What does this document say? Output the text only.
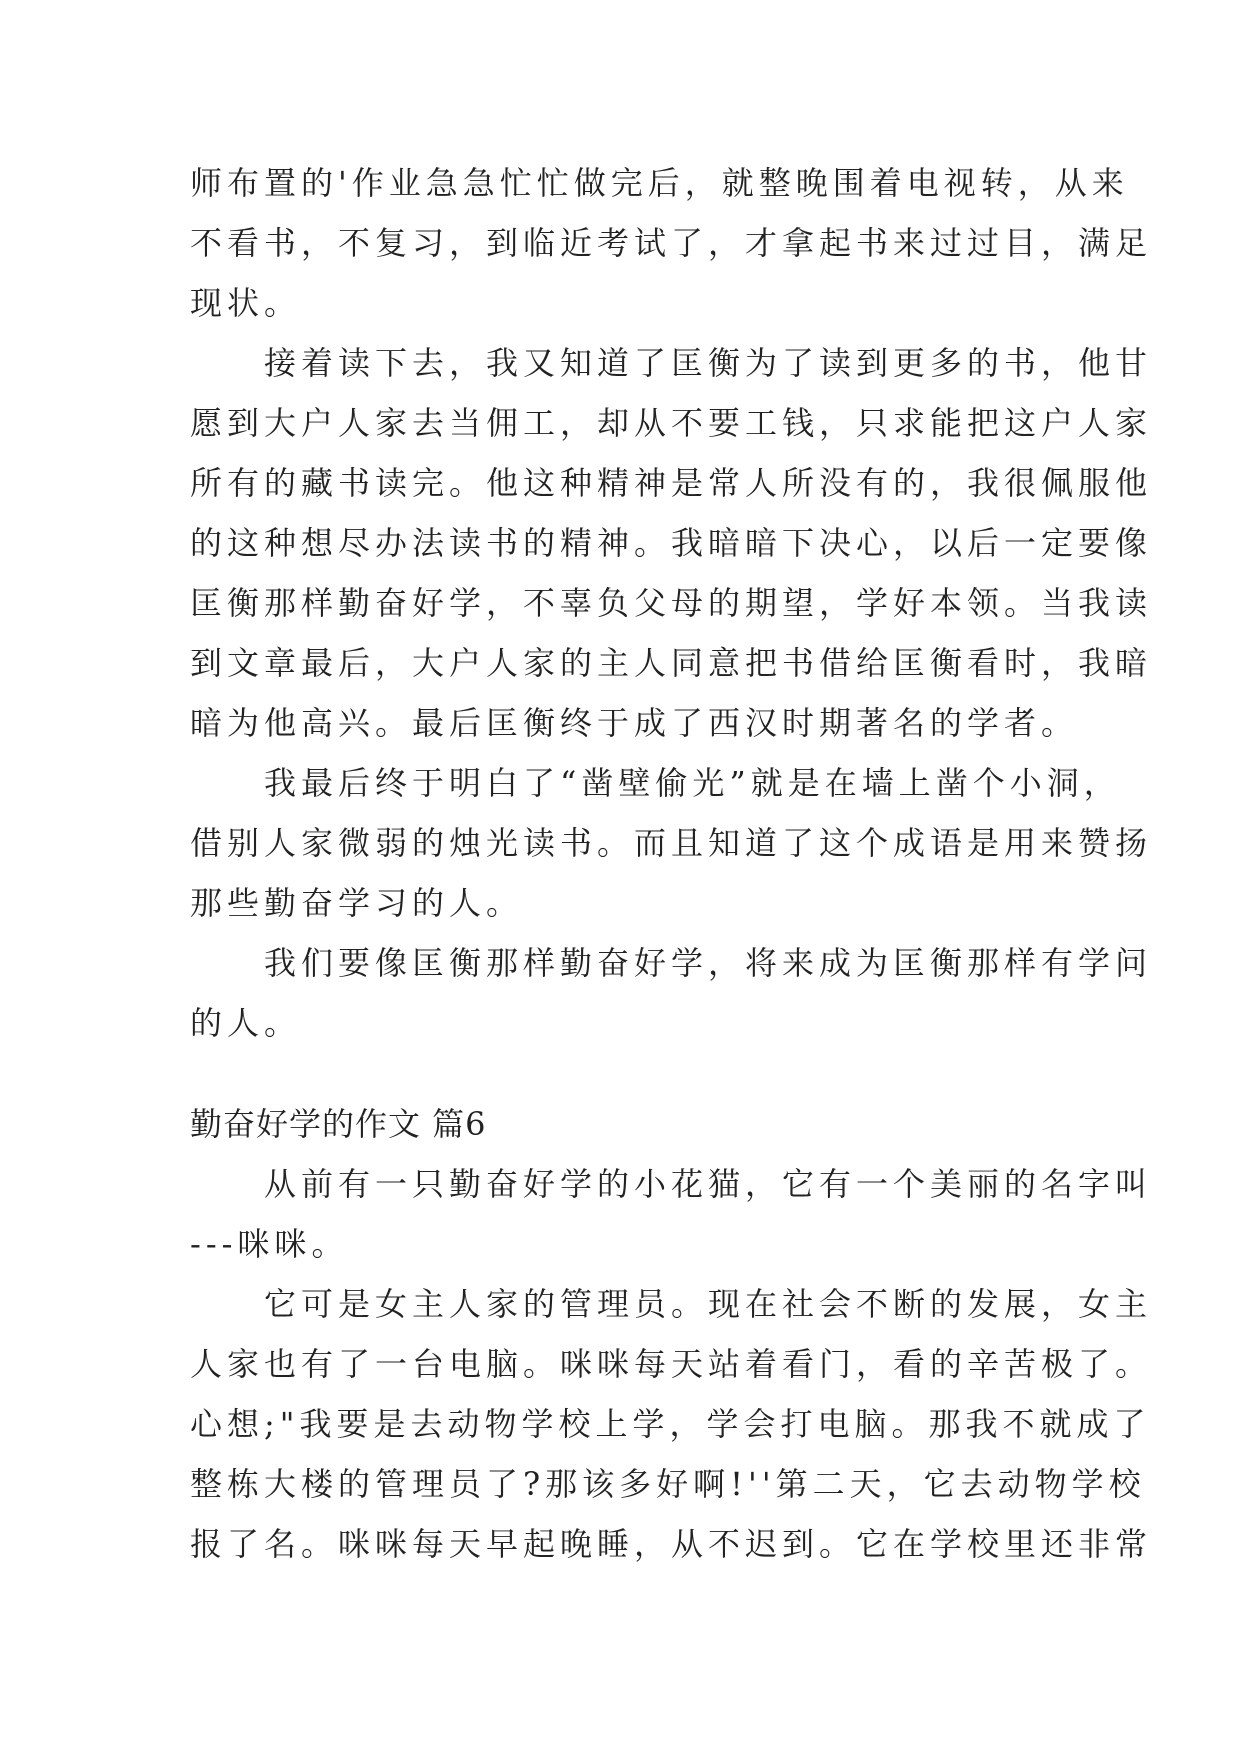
师布置的'作业急急忙忙做完后，就整晚围着电视转，从来
不看书，不复习，到临近考试了，才拿起书来过过目，满足
现状。
　　接着读下去，我又知道了匡衡为了读到更多的书，他甘
愿到大户人家去当佣工，却从不要工钱，只求能把这户人家
所有的藏书读完。他这种精神是常人所没有的，我很佩服他
的这种想尽办法读书的精神。我暗暗下决心，以后一定要像
匡衡那样勤奋好学，不辜负父母的期望，学好本领。当我读
到文章最后，大户人家的主人同意把书借给匡衡看时，我暗
暗为他高兴。最后匡衡终于成了西汉时期著名的学者。
　　我最后终于明白了“凿壁偷光”就是在墙上凿个小洞，
借别人家微弱的烛光读书。而且知道了这个成语是用来赞扬
那些勤奋学习的人。
　　我们要像匡衡那样勤奋好学，将来成为匡衡那样有学问
的人。
勤奋好学的作文 篇6
　　从前有一只勤奋好学的小花猫，它有一个美丽的名字叫
---咪咪。
　　它可是女主人家的管理员。现在社会不断的发展，女主
人家也有了一台电脑。咪咪每天站着看门，看的辛苦极了。
心想;"我要是去动物学校上学，学会打电脑。那我不就成了
整栋大楼的管理员了?那该多好啊!''第二天，它去动物学校
报了名。咪咪每天早起晚睡，从不迟到。它在学校里还非常
